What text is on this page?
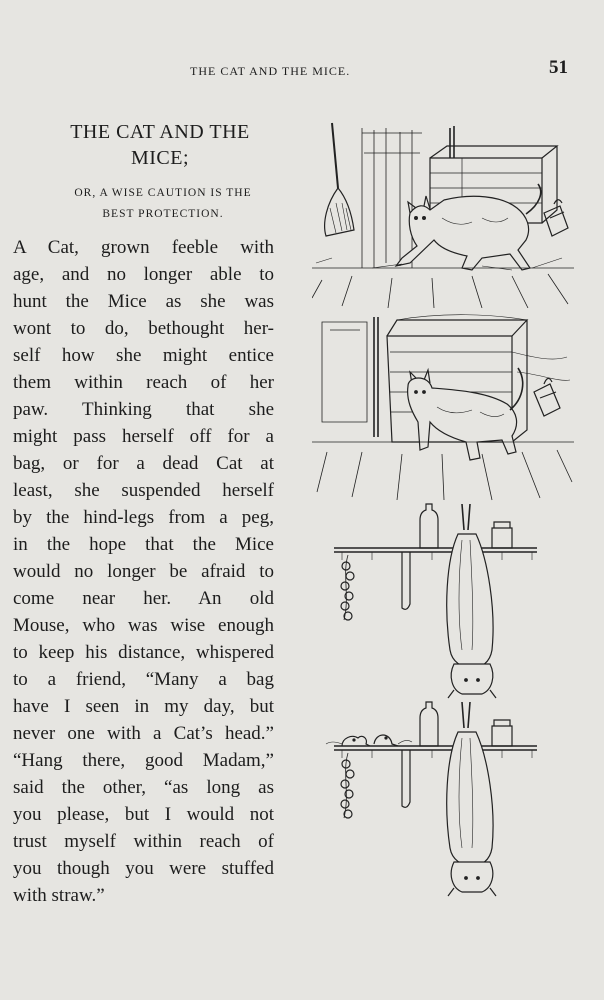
THE CAT AND THE MICE.	51
THE CAT AND THE
MICE;
OR, A WISE CAUTION IS THE
BEST PROTECTION.
A Cat, grown feeble with
age, and no longer able to
hunt the Mice as she was
wont to do, bethought her-
self how she might entice
them within reach of her
paw. Thinking that she
might pass herself off for a
bag, or for a dead Cat at
least, she suspended herself
by the hind-legs from a peg,
in the hope that the Mice
would no longer be afraid to
come near her. An old
Mouse, who was wise enough
to keep his distance, whispered
to a friend, “Many a bag
have I seen in my day, but
never one with a Cat’s head.”
“Hang there, good Madam,”
said the other, “as long as
you please, but I would not
trust myself within reach of
you though you were stuffed
with straw.”
